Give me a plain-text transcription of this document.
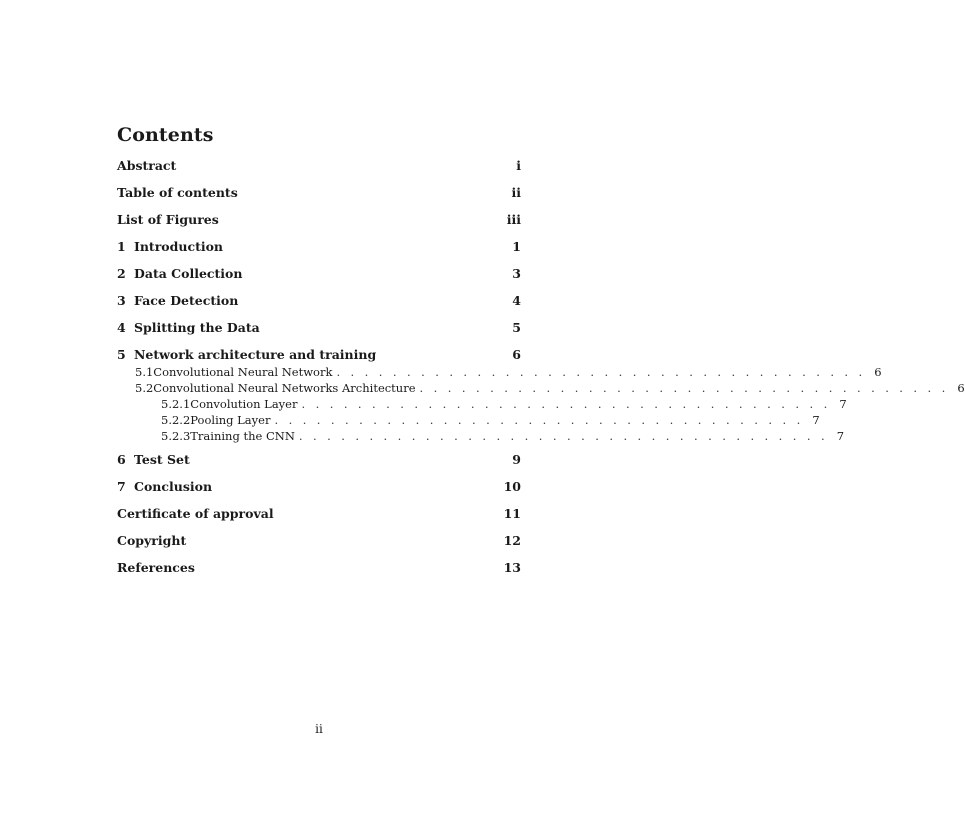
Contents
Abstract	i
Table of contents	ii
List of Figures	iii
1 Introduction	1
2 Data Collection	3
3 Face Detection	4
4 Splitting the Data	5
5 Network architecture and training	6
5.1 Convolutional Neural Network . . . . . . . . . . . . . . . . . . . . . . . . . . . . . . . . . . . . . . 6
5.2 Convolutional Neural Networks Architecture . . . . . . . . . . . . . . . . . . . . . . . . . . . . . . . . . . . . . . 6
5.2.1 Convolution Layer . . . . . . . . . . . . . . . . . . . . . . . . . . . . . . . . . . . . . . 7
5.2.2 Pooling Layer . . . . . . . . . . . . . . . . . . . . . . . . . . . . . . . . . . . . . . 7
5.2.3 Training the CNN . . . . . . . . . . . . . . . . . . . . . . . . . . . . . . . . . . . . . . 7
6 Test Set	9
7 Conclusion	10
Certificate of approval	11
Copyright	12
References	13
ii
